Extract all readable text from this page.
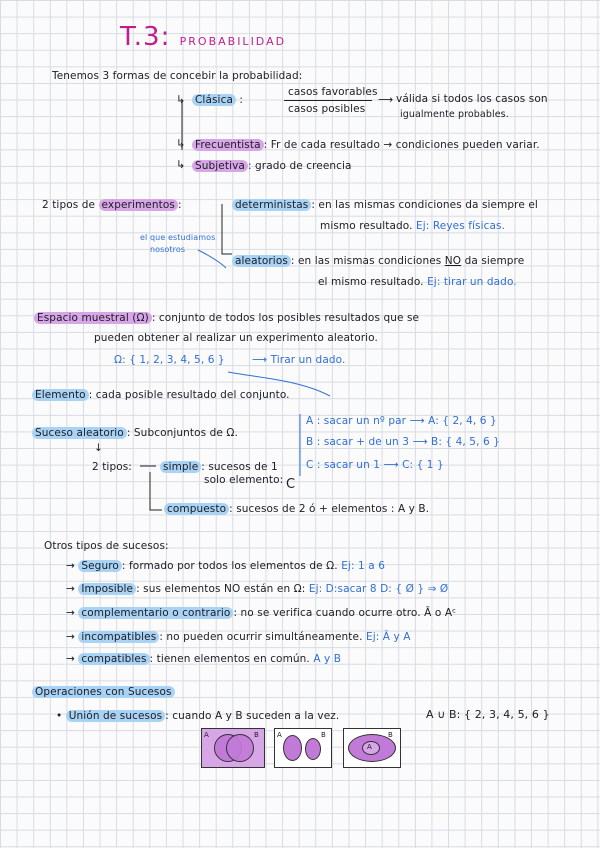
T.3: PROBABILIDAD
Tenemos 3 formas de concebir la probabilidad:
↳ Clásica :
casos favorables
casos posibles
⟶ válida si todos los casos son
igualmente probables.
↳ Frecuentista : Fr de cada resultado → condiciones pueden variar.
↳ Subjetiva : grado de creencia
2 tipos de experimentos :	deterministas : en las mismas condiciones da siempre el
mismo resultado. Ej: Reyes físicas.
el que estudiamos
nosotros
aleatorios : en las mismas condiciones NO da siempre
el mismo resultado. Ej: tirar un dado.
Espacio muestral (Ω) : conjunto de todos los posibles resultados que se
pueden obtener al realizar un experimento aleatorio.
Ω: { 1, 2, 3, 4, 5, 6 }	⟶ Tirar un dado.
Elemento : cada posible resultado del conjunto.
Suceso aleatorio : Subconjuntos de Ω.
↓
2 tipos:
A : sacar un nº par ⟶ A: { 2, 4, 6 }
B : sacar + de un 3 ⟶ B: { 4, 5, 6 }
C : sacar un 1 ⟶ C: { 1 }
simple : sucesos de 1
solo elemento: C
compuesto : sucesos de 2 ó + elementos : A y B.
Otros tipos de sucesos:
→ Seguro : formado por todos los elementos de Ω. Ej: 1 a 6
→ Imposible : sus elementos NO están en Ω: Ej: D:sacar 8 D: { Ø } ⇒ Ø
→ complementario o contrario : no se verifica cuando ocurre otro. Ā o Aᶜ
→ incompatibles : no pueden ocurrir simultáneamente. Ej: Ā y A
→ compatibles : tienen elementos en común. A y B
Operaciones con Sucesos
• Unión de sucesos : cuando A y B suceden a la vez.	A ∪ B: { 2, 3, 4, 5, 6 }
A	B	A	B	B
A
